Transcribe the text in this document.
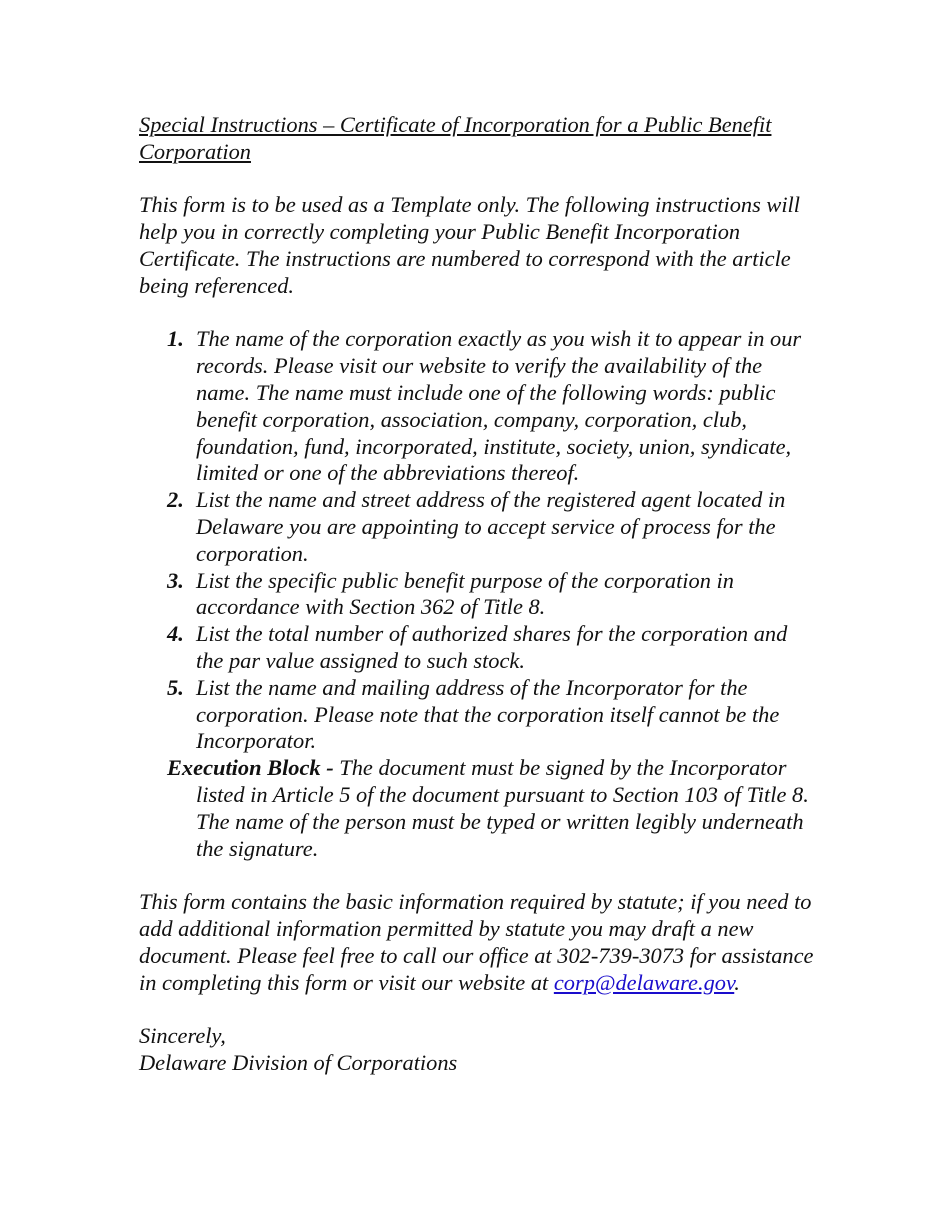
Special Instructions – Certificate of Incorporation for a Public Benefit Corporation

This form is to be used as a Template only. The following instructions will help you in correctly completing your Public Benefit Incorporation Certificate. The instructions are numbered to correspond with the article being referenced.

1. The name of the corporation exactly as you wish it to appear in our records. Please visit our website to verify the availability of the name. The name must include one of the following words: public benefit corporation, association, company, corporation, club, foundation, fund, incorporated, institute, society, union, syndicate, limited or one of the abbreviations thereof.
2. List the name and street address of the registered agent located in Delaware you are appointing to accept service of process for the corporation.
3. List the specific public benefit purpose of the corporation in accordance with Section 362 of Title 8.
4. List the total number of authorized shares for the corporation and the par value assigned to such stock.
5. List the name and mailing address of the Incorporator for the corporation. Please note that the corporation itself cannot be the Incorporator.

Execution Block - The document must be signed by the Incorporator listed in Article 5 of the document pursuant to Section 103 of Title 8. The name of the person must be typed or written legibly underneath the signature.

This form contains the basic information required by statute; if you need to add additional information permitted by statute you may draft a new document. Please feel free to call our office at 302-739-3073 for assistance in completing this form or visit our website at corp@delaware.gov.

Sincerely,
Delaware Division of Corporations
